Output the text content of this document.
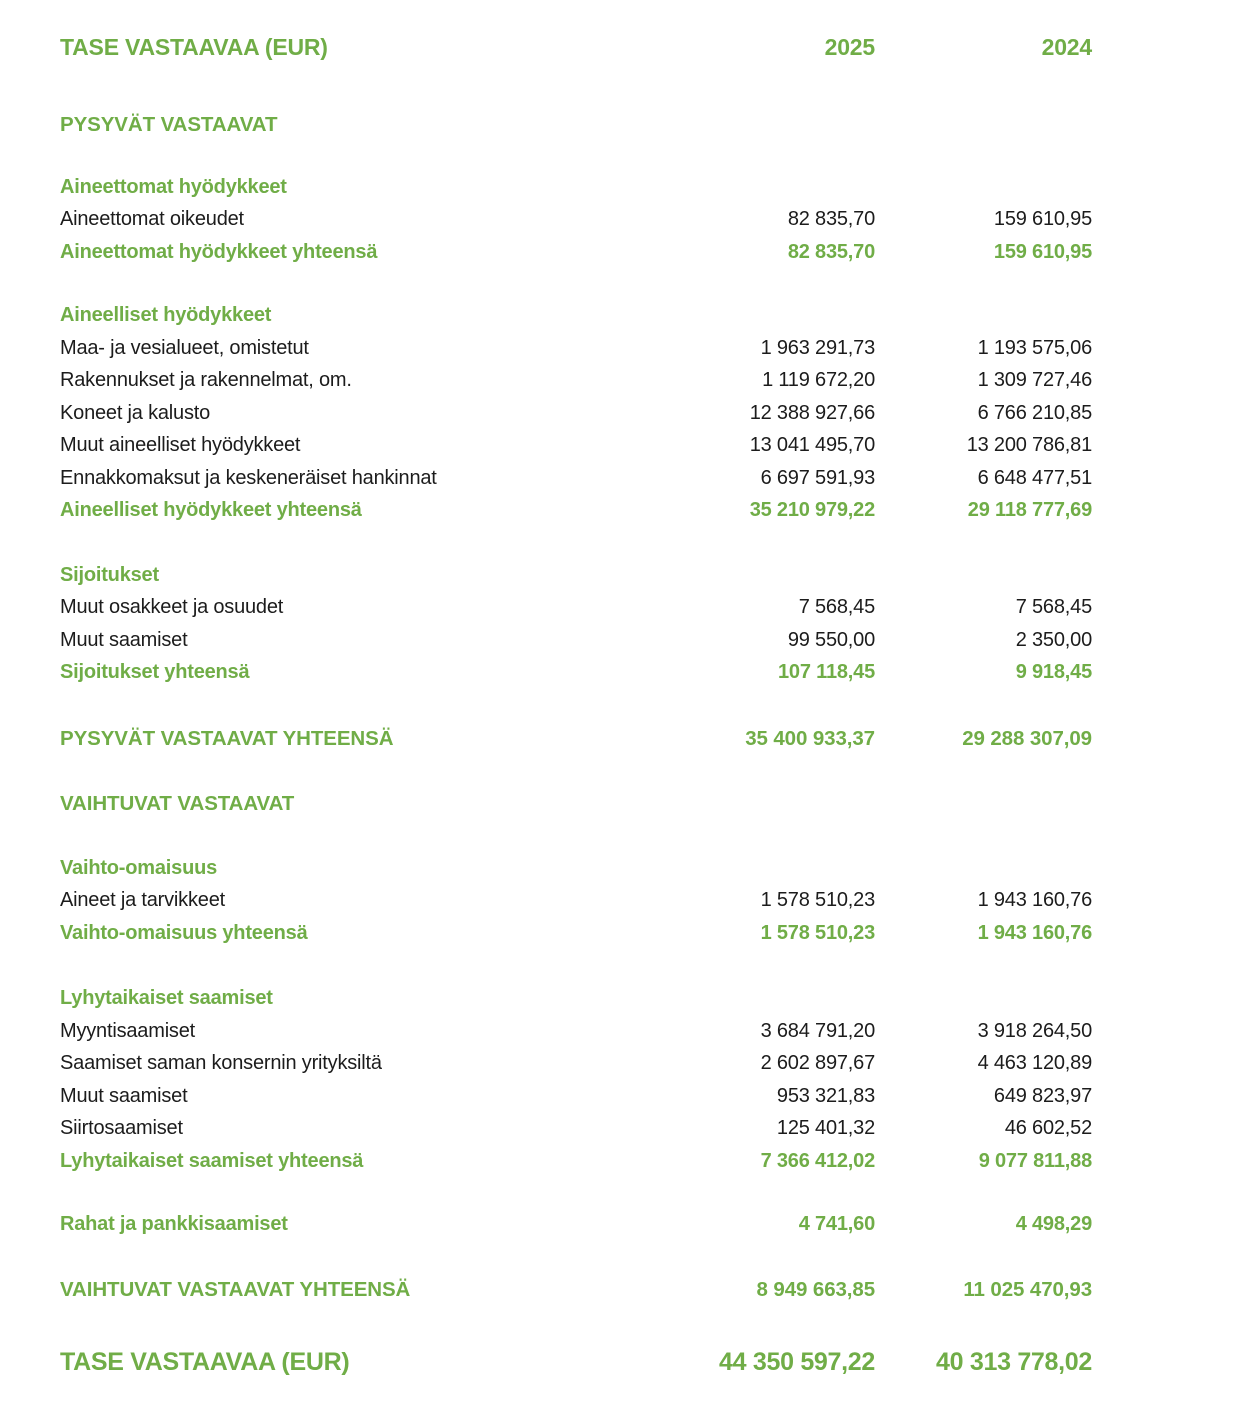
TASE VASTAAVAA (EUR)	2025	2024
PYSYVÄT VASTAAVAT
Aineettomat hyödykkeet
Aineettomat oikeudet	82 835,70	159 610,95
Aineettomat hyödykkeet yhteensä	82 835,70	159 610,95
Aineelliset hyödykkeet
Maa- ja vesialueet, omistetut	1 963 291,73	1 193 575,06
Rakennukset ja rakennelmat, om.	1 119 672,20	1 309 727,46
Koneet ja kalusto	12 388 927,66	6 766 210,85
Muut aineelliset hyödykkeet	13 041 495,70	13 200 786,81
Ennakkomaksut ja keskeneräiset hankinnat	6 697 591,93	6 648 477,51
Aineelliset hyödykkeet yhteensä	35 210 979,22	29 118 777,69
Sijoitukset
Muut osakkeet ja osuudet	7 568,45	7 568,45
Muut saamiset	99 550,00	2 350,00
Sijoitukset yhteensä	107 118,45	9 918,45
PYSYVÄT VASTAAVAT YHTEENSÄ	35 400 933,37	29 288 307,09
VAIHTUVAT VASTAAVAT
Vaihto-omaisuus
Aineet ja tarvikkeet	1 578 510,23	1 943 160,76
Vaihto-omaisuus yhteensä	1 578 510,23	1 943 160,76
Lyhytaikaiset saamiset
Myyntisaamiset	3 684 791,20	3 918 264,50
Saamiset saman konsernin yrityksiltä	2 602 897,67	4 463 120,89
Muut saamiset	953 321,83	649 823,97
Siirtosaamiset	125 401,32	46 602,52
Lyhytaikaiset saamiset yhteensä	7 366 412,02	9 077 811,88
Rahat ja pankkisaamiset	4 741,60	4 498,29
VAIHTUVAT VASTAAVAT YHTEENSÄ	8 949 663,85	11 025 470,93
TASE VASTAAVAA (EUR)	44 350 597,22	40 313 778,02
